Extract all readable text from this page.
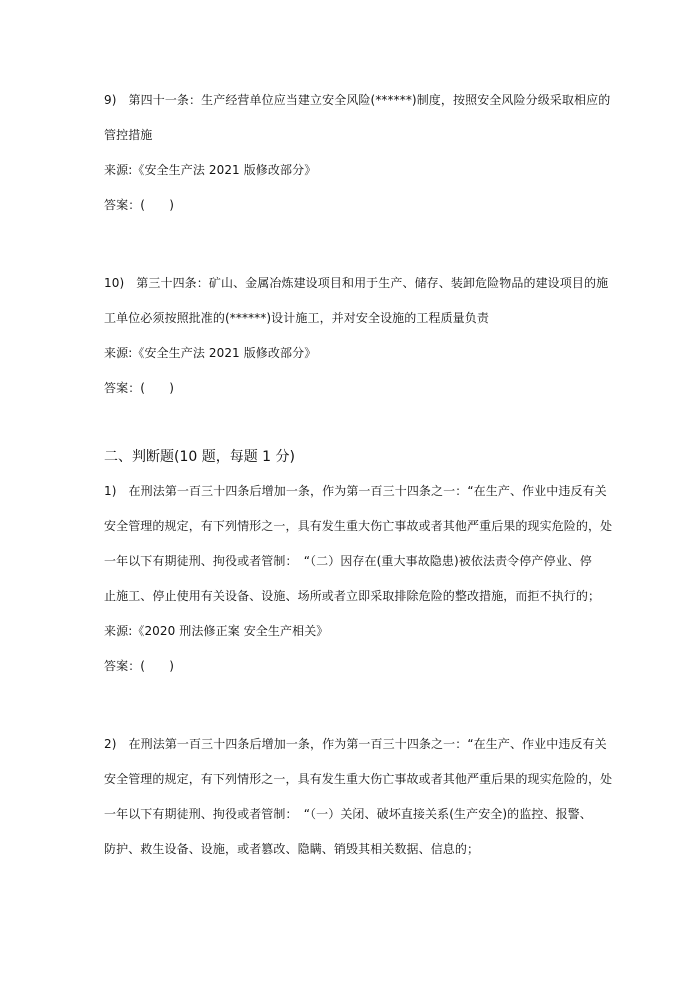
9) 第四十一条：生产经营单位应当建立安全风险(******)制度，按照安全风险分级采取相应的
管控措施
来源:《安全生产法 2021 版修改部分》
答案：(　　)
10) 第三十四条：矿山、金属冶炼建设项目和用于生产、储存、装卸危险物品的建设项目的施
工单位必须按照批准的(******)设计施工，并对安全设施的工程质量负责
来源:《安全生产法 2021 版修改部分》
答案：(　　)
二、判断题(10 题，每题 1 分)
1) 在刑法第一百三十四条后增加一条，作为第一百三十四条之一：“在生产、作业中违反有关
安全管理的规定，有下列情形之一，具有发生重大伤亡事故或者其他严重后果的现实危险的，处
一年以下有期徒刑、拘役或者管制：　“（二）因存在(重大事故隐患)被依法责令停产停业、停
止施工、停止使用有关设备、设施、场所或者立即采取排除危险的整改措施，而拒不执行的；
来源:《2020 刑法修正案 安全生产相关》
答案：(　　)
2) 在刑法第一百三十四条后增加一条，作为第一百三十四条之一：“在生产、作业中违反有关
安全管理的规定，有下列情形之一，具有发生重大伤亡事故或者其他严重后果的现实危险的，处
一年以下有期徒刑、拘役或者管制：　“（一）关闭、破坏直接关系(生产安全)的监控、报警、
防护、救生设备、设施，或者篡改、隐瞒、销毁其相关数据、信息的；
